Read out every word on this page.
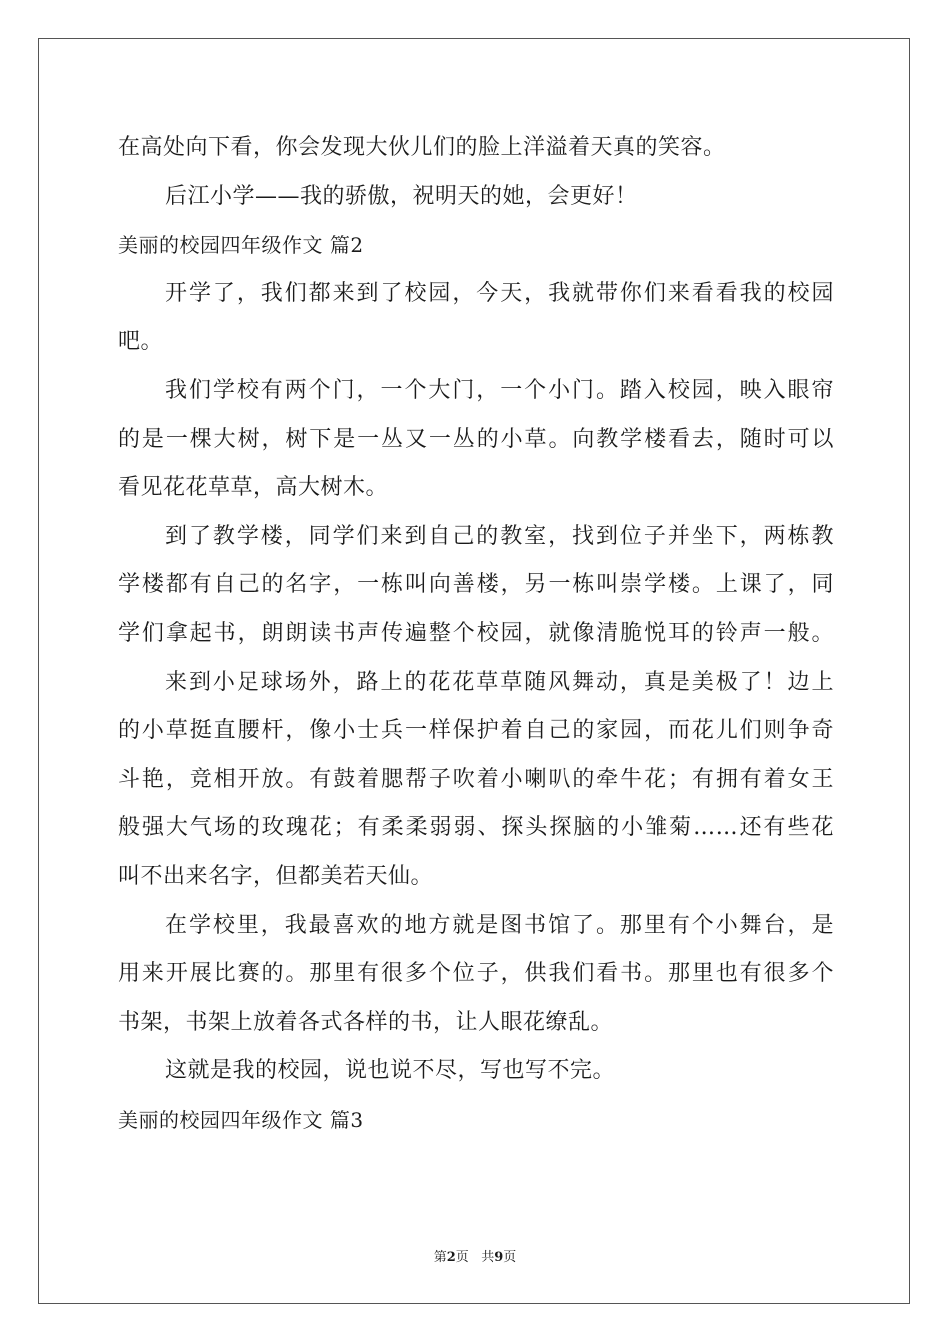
在高处向下看，你会发现大伙儿们的脸上洋溢着天真的笑容。
后江小学——我的骄傲，祝明天的她，会更好！
美丽的校园四年级作文 篇2
开学了，我们都来到了校园，今天，我就带你们来看看我的校园
吧。
我们学校有两个门，一个大门，一个小门。踏入校园，映入眼帘
的是一棵大树，树下是一丛又一丛的小草。向教学楼看去，随时可以
看见花花草草，高大树木。
到了教学楼，同学们来到自己的教室，找到位子并坐下，两栋教
学楼都有自己的名字，一栋叫向善楼，另一栋叫崇学楼。上课了，同
学们拿起书，朗朗读书声传遍整个校园，就像清脆悦耳的铃声一般。
来到小足球场外，路上的花花草草随风舞动，真是美极了！边上
的小草挺直腰杆，像小士兵一样保护着自己的家园，而花儿们则争奇
斗艳，竞相开放。有鼓着腮帮子吹着小喇叭的牵牛花；有拥有着女王
般强大气场的玫瑰花；有柔柔弱弱、探头探脑的小雏菊……还有些花
叫不出来名字，但都美若天仙。
在学校里，我最喜欢的地方就是图书馆了。那里有个小舞台，是
用来开展比赛的。那里有很多个位子，供我们看书。那里也有很多个
书架，书架上放着各式各样的书，让人眼花缭乱。
这就是我的校园，说也说不尽，写也写不完。
美丽的校园四年级作文 篇3
第2页 共9页
